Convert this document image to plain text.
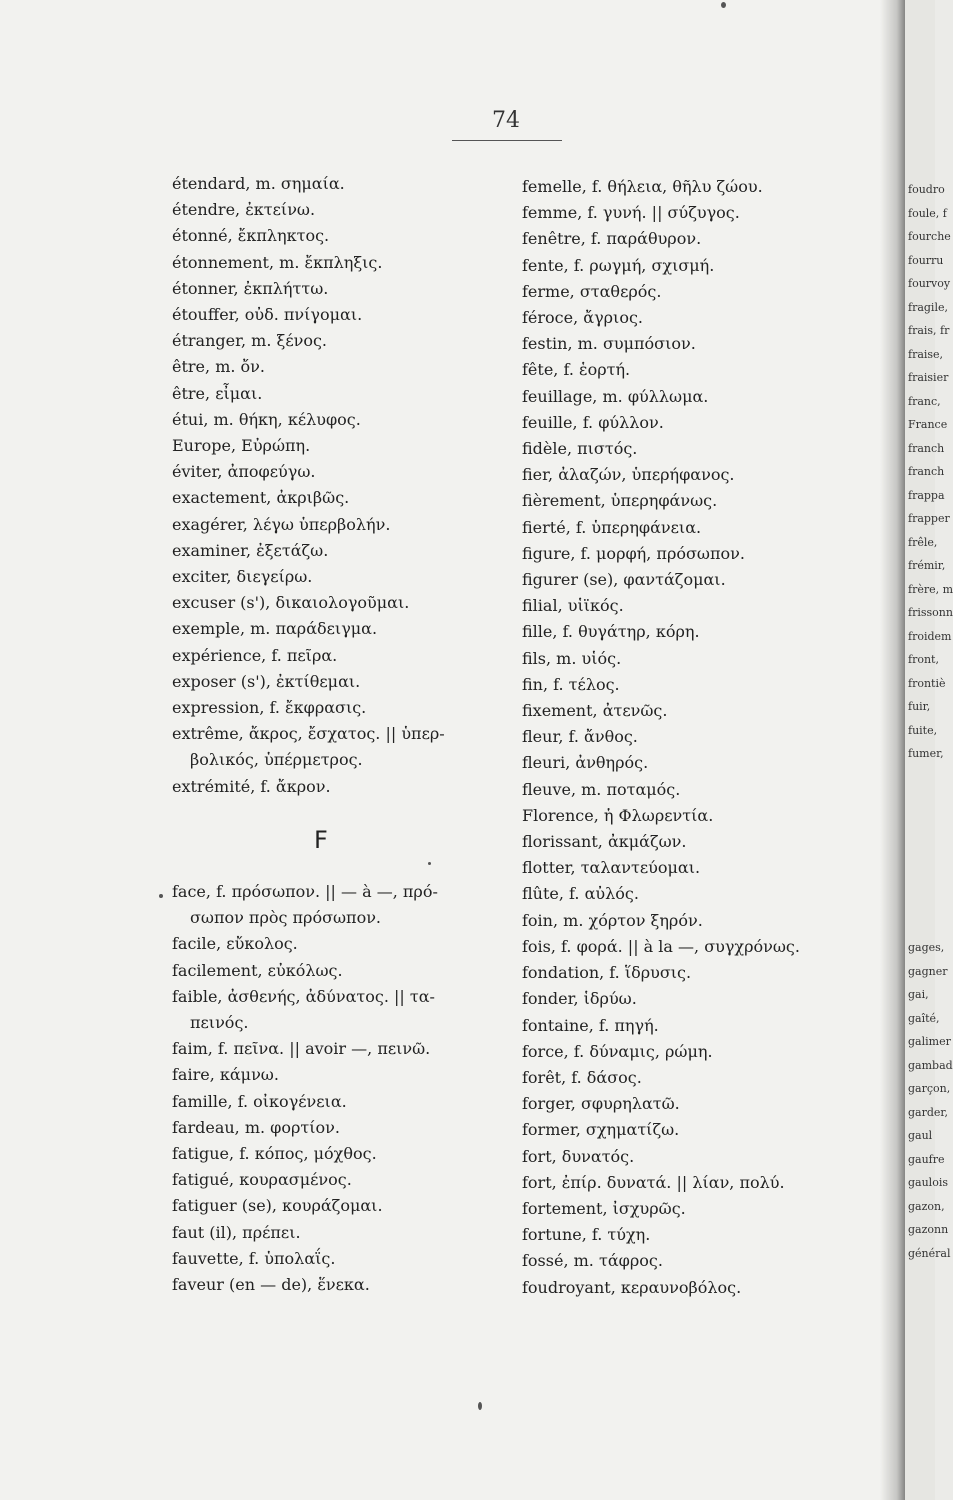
74
étendard, m. σημαία.
étendre, ἐκτείνω.
étonné, ἔκπληκτος.
étonnement, m. ἔκπληξις.
étonner, ἐκπλήττω.
étouffer, οὐδ. πνίγομαι.
étranger, m. ξένος.
être, m. ὄν.
être, εἶμαι.
étui, m. θήκη, κέλυφος.
Europe, Εὐρώπη.
éviter, ἀποφεύγω.
exactement, ἀκριβῶς.
exagérer, λέγω ὑπερβολήν.
examiner, ἐξετάζω.
exciter, διεγείρω.
excuser (s'), δικαιολογοῦμαι.
exemple, m. παράδειγμα.
expérience, f. πεῖρα.
exposer (s'), ἐκτίθεμαι.
expression, f. ἔκφρασις.
extrême, ἄκρος, ἔσχατος. || ὑπερ-
βολικός, ὑπέρμετρος.
extrémité, f. ἄκρον.
F
face, f. πρόσωπον. || — à —, πρό-
σωπον πρὸς πρόσωπον.
facile, εὔκολος.
facilement, εὐκόλως.
faible, ἀσθενής, ἀδύνατος. || τα-
πεινός.
faim, f. πεῖνα. || avoir —, πεινῶ.
faire, κάμνω.
famille, f. οἰκογένεια.
fardeau, m. φορτίον.
fatigue, f. κόπος, μόχθος.
fatigué, κουρασμένος.
fatiguer (se), κουράζομαι.
faut (il), πρέπει.
fauvette, f. ὑπολαΐς.
faveur (en — de), ἕνεκα.
femelle, f. θήλεια, θῆλυ ζώου.
femme, f. γυνή. || σύζυγος.
fenêtre, f. παράθυρον.
fente, f. ρωγμή, σχισμή.
ferme, σταθερός.
féroce, ἄγριος.
festin, m. συμπόσιον.
fête, f. ἑορτή.
feuillage, m. φύλλωμα.
feuille, f. φύλλον.
fidèle, πιστός.
fier, ἀλαζών, ὑπερήφανος.
fièrement, ὑπερηφάνως.
fierté, f. ὑπερηφάνεια.
figure, f. μορφή, πρόσωπον.
figurer (se), φαντάζομαι.
filial, υἱϊκός.
fille, f. θυγάτηρ, κόρη.
fils, m. υἱός.
fin, f. τέλος.
fixement, ἀτενῶς.
fleur, f. ἄνθος.
fleuri, ἀνθηρός.
fleuve, m. ποταμός.
Florence, ἡ Φλωρεντία.
florissant, ἀκμάζων.
flotter, ταλαντεύομαι.
flûte, f. αὐλός.
foin, m. χόρτον ξηρόν.
fois, f. φορά. || à la —, συγχρόνως.
fondation, f. ἵδρυσις.
fonder, ἱδρύω.
fontaine, f. πηγή.
force, f. δύναμις, ρώμη.
forêt, f. δάσος.
forger, σφυρηλατῶ.
former, σχηματίζω.
fort, δυνατός.
fort, ἐπίρ. δυνατά. || λίαν, πολύ.
fortement, ἰσχυρῶς.
fortune, f. τύχη.
fossé, m. τάφρος.
foudroyant, κεραυνοβόλος.
foudro
foule, f
fourche
fourru
fourvoy
fragile,
frais, fr
fraise,
fraisier
franc,
France
franch
franch
frappa
frapper
frêle,
frémir,
frère, m
frissonn
froidem
front,
frontiè
fuir,
fuite,
fumer,
gages,
gagner
gai,
gaîté,
galimer
gambad
garçon,
garder,
gaul
gaufre
gaulois
gazon,
gazonn
général
